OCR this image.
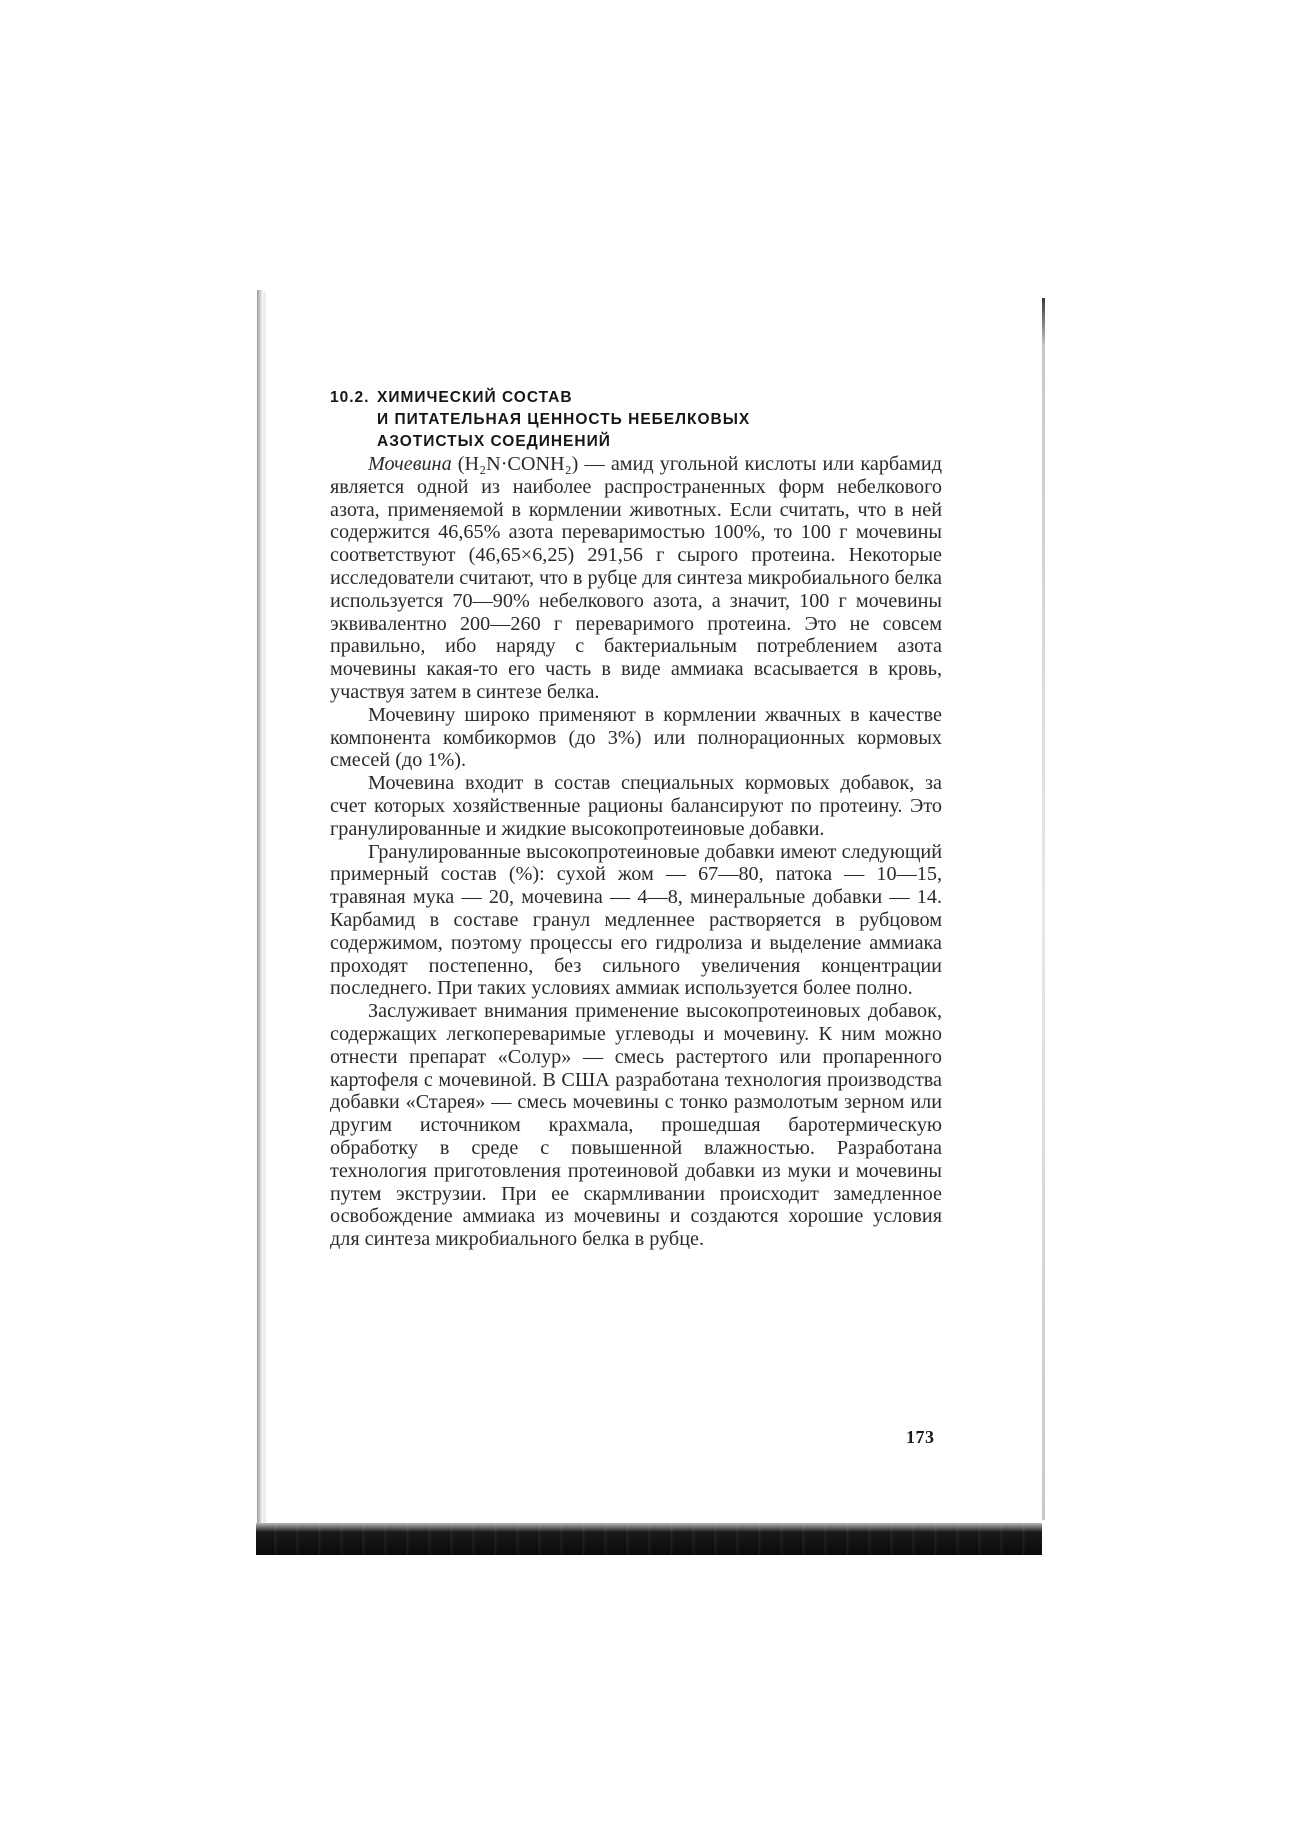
10.2. ХИМИЧЕСКИЙ СОСТАВ
И ПИТАТЕЛЬНАЯ ЦЕННОСТЬ НЕБЕЛКОВЫХ
АЗОТИСТЫХ СОЕДИНЕНИЙ

Мочевина (H₂N·CONH₂) — амид угольной кислоты или карбамид является одной из наиболее распространенных форм небелкового азота, применяемой в кормлении животных. Если считать, что в ней содержится 46,65% азота переваримостью 100%, то 100 г мочевины соответствуют (46,65×6,25) 291,56 г сырого протеина. Некоторые исследователи считают, что в рубце для синтеза микробиального белка используется 70—90% небелкового азота, а значит, 100 г мочевины эквивалентно 200—260 г переваримого протеина. Это не совсем правильно, ибо наряду с бактериальным потреблением азота мочевины какая-то его часть в виде аммиака всасывается в кровь, участвуя затем в синтезе белка.

Мочевину широко применяют в кормлении жвачных в качестве компонента комбикормов (до 3%) или полнорационных кормовых смесей (до 1%).

Мочевина входит в состав специальных кормовых добавок, за счет которых хозяйственные рационы балансируют по протеину. Это гранулированные и жидкие высокопротеиновые добавки.

Гранулированные высокопротеиновые добавки имеют следующий примерный состав (%): сухой жом — 67—80, патока — 10—15, травяная мука — 20, мочевина — 4—8, минеральные добавки — 14. Карбамид в составе гранул медленнее растворяется в рубцовом содержимом, поэтому процессы его гидролиза и выделение аммиака проходят постепенно, без сильного увеличения концентрации последнего. При таких условиях аммиак используется более полно.

Заслуживает внимания применение высокопротеиновых добавок, содержащих легкопереваримые углеводы и мочевину. К ним можно отнести препарат «Солур» — смесь растертого или пропаренного картофеля с мочевиной. В США разработана технология производства добавки «Старея» — смесь мочевины с тонко размолотым зерном или другим источником крахмала, прошедшая баротермическую обработку в среде с повышенной влажностью. Разработана технология приготовления протеиновой добавки из муки и мочевины путем экструзии. При ее скармливании происходит замедленное освобождение аммиака из мочевины и создаются хорошие условия для синтеза микробиального белка в рубце.

173
